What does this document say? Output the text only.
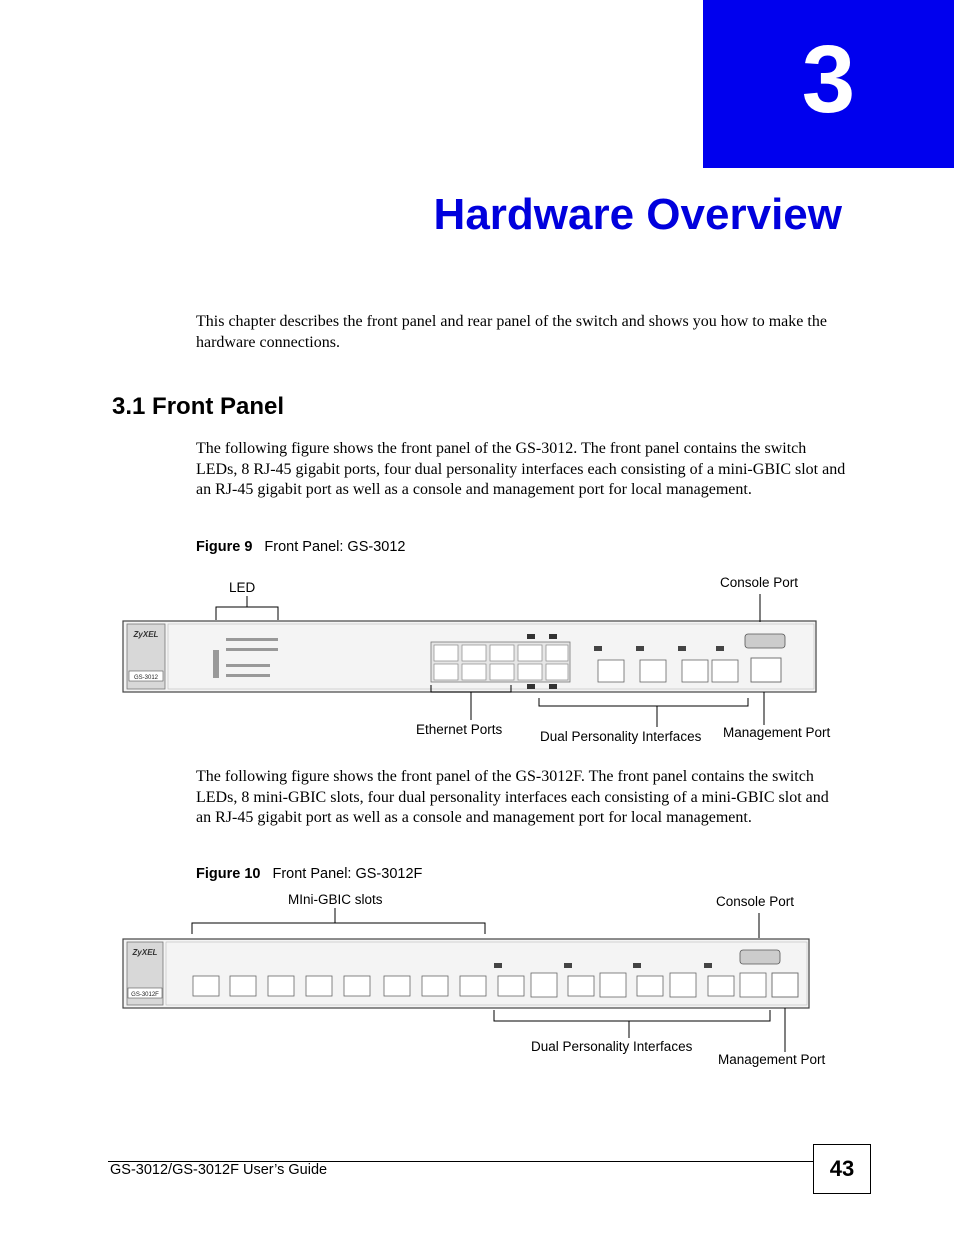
3
Hardware Overview
This chapter describes the front panel and rear panel of the switch and shows you how to make the hardware connections.
3.1 Front Panel
The following figure shows the front panel of the GS-3012. The front panel contains the switch LEDs, 8 RJ-45 gigabit ports, four dual personality interfaces each consisting of a mini-GBIC slot and an RJ-45 gigabit port as well as a console and management port for local management.
Figure 9 Front Panel: GS-3012
LED	Console Port
Ethernet Ports	Dual Personality Interfaces Management Port
The following figure shows the front panel of the GS-3012F. The front panel contains the switch LEDs, 8 mini-GBIC slots, four dual personality interfaces each consisting of a mini-GBIC slot and an RJ-45 gigabit port as well as a console and management port for local management.
Figure 10 Front Panel: GS-3012F
MIni-GBIC slots	Console Port
Dual Personality Interfaces
Management Port
ZyXEL
GS-3012
ZyXEL
GS-3012F
GS-3012/GS-3012F User’s Guide	43
